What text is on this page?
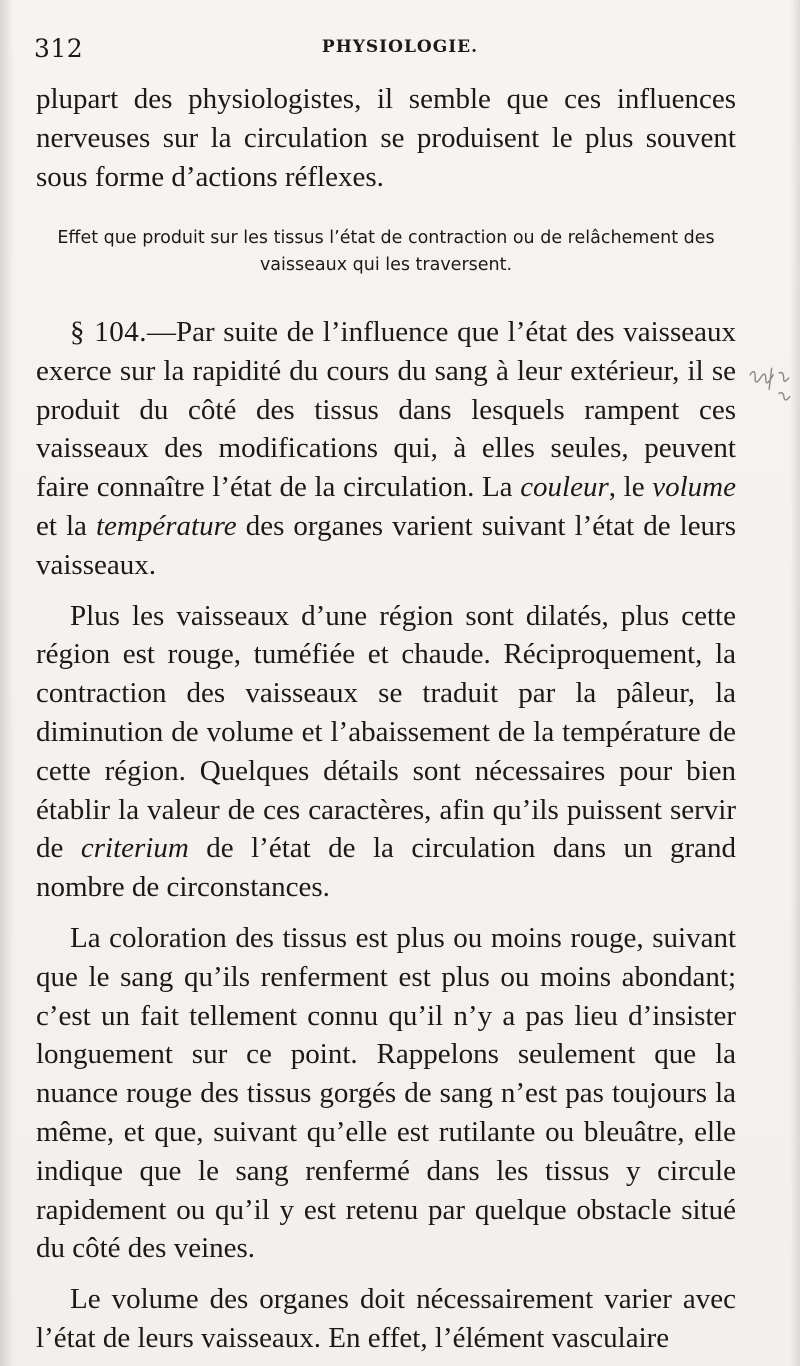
312	PHYSIOLOGIE.

plupart des physiologistes, il semble que ces influences nerveuses sur la circulation se produisent le plus souvent sous forme d’actions réflexes.

Effet que produit sur les tissus l’état de contraction ou de relâchement des vaisseaux qui les traversent.

§ 104.—Par suite de l’influence que l’état des vaisseaux exerce sur la rapidité du cours du sang à leur extérieur, il se produit du côté des tissus dans lesquels rampent ces vaisseaux des modifications qui, à elles seules, peuvent faire connaître l’état de la circulation. La couleur, le volume et la température des organes varient suivant l’état de leurs vaisseaux.

Plus les vaisseaux d’une région sont dilatés, plus cette région est rouge, tuméfiée et chaude. Réciproquement, la contraction des vaisseaux se traduit par la pâleur, la diminution de volume et l’abaissement de la température de cette région. Quelques détails sont nécessaires pour bien établir la valeur de ces caractères, afin qu’ils puissent servir de criterium de l’état de la circulation dans un grand nombre de circonstances.

La coloration des tissus est plus ou moins rouge, suivant que le sang qu’ils renferment est plus ou moins abondant; c’est un fait tellement connu qu’il n’y a pas lieu d’insister longuement sur ce point. Rappelons seulement que la nuance rouge des tissus gorgés de sang n’est pas toujours la même, et que, suivant qu’elle est rutilante ou bleuâtre, elle indique que le sang renfermé dans les tissus y circule rapidement ou qu’il y est retenu par quelque obstacle situé du côté des veines.

Le volume des organes doit nécessairement varier avec l’état de leurs vaisseaux. En effet, l’élément vasculaire
